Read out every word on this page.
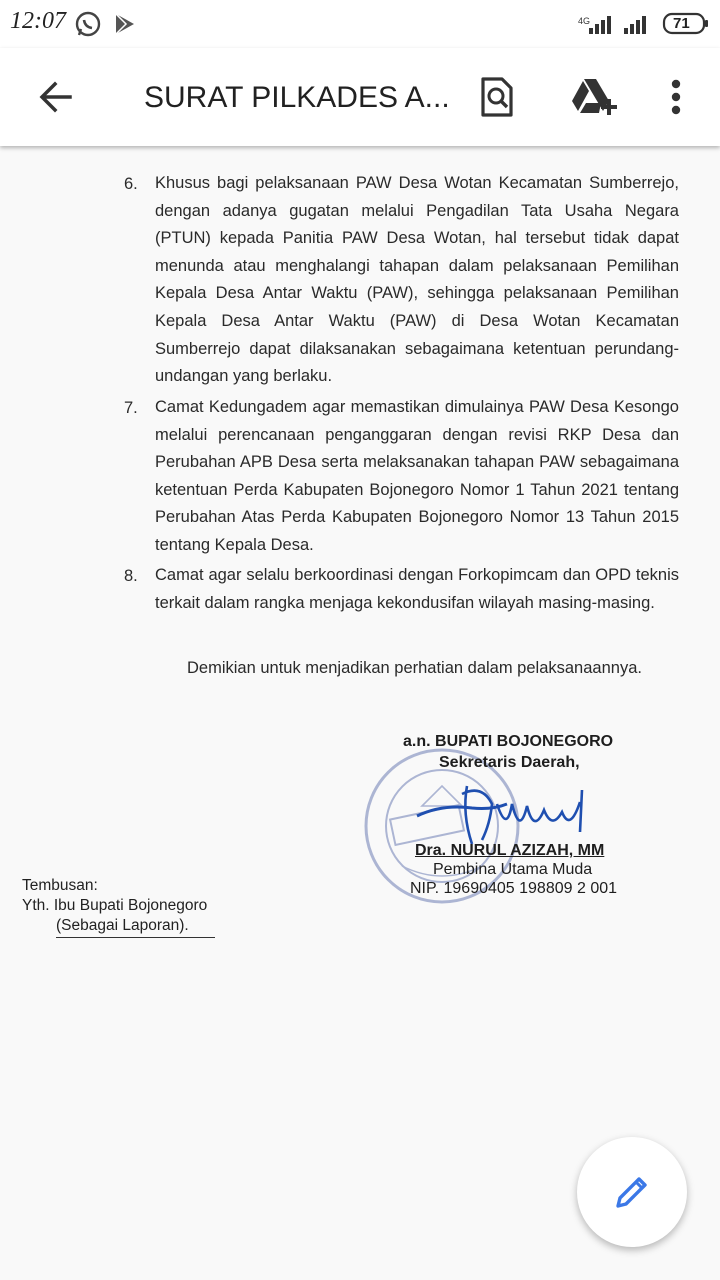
12:07	4G	71
SURAT PILKADES A...
6. Khusus bagi pelaksanaan PAW Desa Wotan Kecamatan Sumberrejo, dengan adanya gugatan melalui Pengadilan Tata Usaha Negara (PTUN) kepada Panitia PAW Desa Wotan, hal tersebut tidak dapat menunda atau menghalangi tahapan dalam pelaksanaan Pemilihan Kepala Desa Antar Waktu (PAW), sehingga pelaksanaan Pemilihan Kepala Desa Antar Waktu (PAW) di Desa Wotan Kecamatan Sumberrejo dapat dilaksanakan sebagaimana ketentuan perundang-undangan yang berlaku.

7. Camat Kedungadem agar memastikan dimulainya PAW Desa Kesongo melalui perencanaan penganggaran dengan revisi RKP Desa dan Perubahan APB Desa serta melaksanakan tahapan PAW sebagaimana ketentuan Perda Kabupaten Bojonegoro Nomor 1 Tahun 2021 tentang Perubahan Atas Perda Kabupaten Bojonegoro Nomor 13 Tahun 2015 tentang Kepala Desa.

8. Camat agar selalu berkoordinasi dengan Forkopimcam dan OPD teknis terkait dalam rangka menjaga kekondusifan wilayah masing-masing.

Demikian untuk menjadikan perhatian dalam pelaksanaannya.
a.n. BUPATI BOJONEGORO
Sekretaris Daerah,
Dra. NURUL AZIZAH, MM
Pembina Utama Muda
NIP. 19690405 198809 2 001
Tembusan:
Yth. Ibu Bupati Bojonegoro
(Sebagai Laporan).
